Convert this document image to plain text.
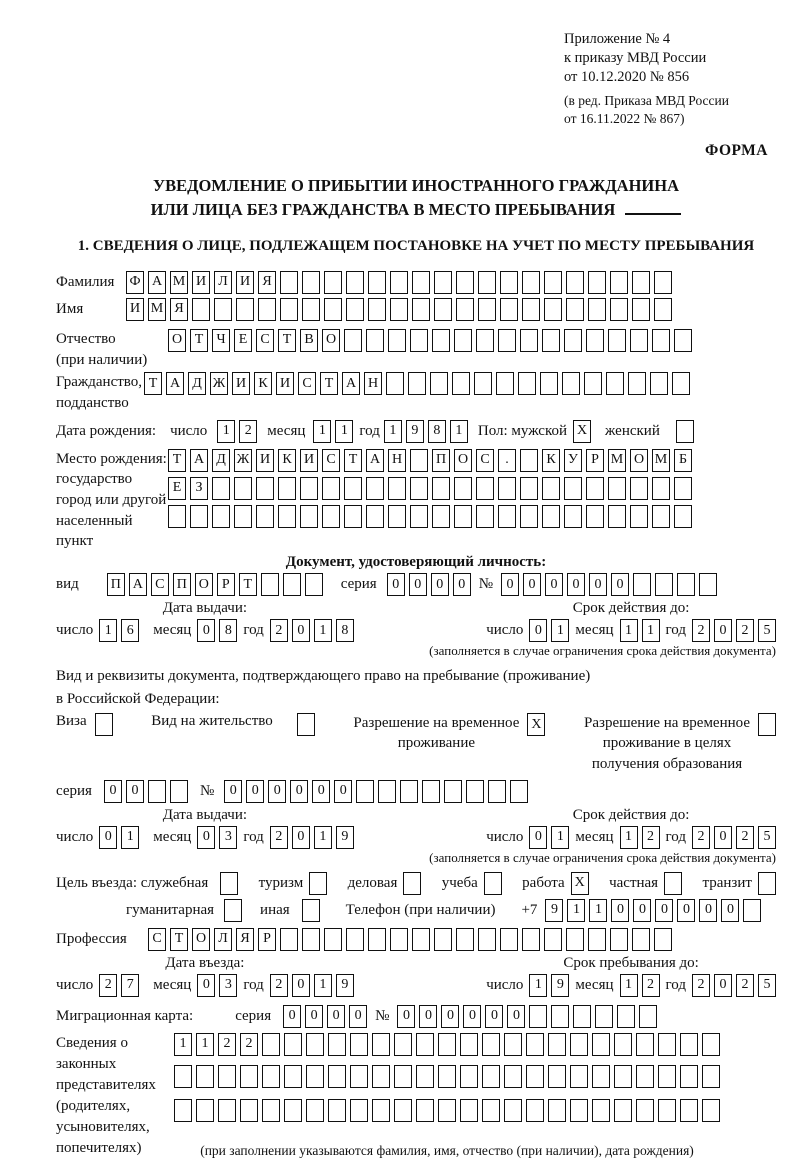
Приложение № 4
к приказу МВД России
от 10.12.2020 № 856
(в ред. Приказа МВД России
от 16.11.2022 № 867)
ФОРМА
УВЕДОМЛЕНИЕ О ПРИБЫТИИ ИНОСТРАННОГО ГРАЖДАНИНА
ИЛИ ЛИЦА БЕЗ ГРАЖДАНСТВА В МЕСТО ПРЕБЫВАНИЯ
1. СВЕДЕНИЯ О ЛИЦЕ, ПОДЛЕЖАЩЕМ ПОСТАНОВКЕ НА УЧЕТ ПО МЕСТУ ПРЕБЫВАНИЯ
Фамилия	Ф А М И Л И Я
Имя	И М Я
Отчество
(при наличии)
О Т Ч Е С Т В О
Гражданство,
подданство
Т А Д Ж И К И С Т А Н
Дата рождения: число	1	2	месяц 1	1 год 1	9	8	1	Пол: мужской X женский
Место рождения:
государство
город или другой
населенный пункт
Т А Д Ж И К И С Т А Н П О С	.	К У Р М О М Б
Е	З
Документ, удостоверяющий личность:
вид П А С П О Р Т	серия	0	0	0	0 № 0	0	0	0	0	0
Дата выдачи:
число 1	6	месяц 0	8 год 2	0	1	8
Срок действия до:
число 0	1 месяц 1	1 год 2	0	2	5
(заполняется в случае ограничения срока действия документа)
Вид и реквизиты документа, подтверждающего право на пребывание (проживание)
в Российской Федерации:
Виза	Вид на жительство	Разрешение на временное
проживание
X	Разрешение на временное
проживание в целях
получения образования
серия	0	0	№	0	0	0	0	0	0
Дата выдачи:
число 0	1	месяц 0	3 год 2	0	1	9
Срок действия до:
число 0	1 месяц 1	2 год 2	0	2	5
(заполняется в случае ограничения срока действия документа)
Цель въезда: служебная	туризм	деловая	учеба	работа X частная	транзит
гуманитарная	иная	Телефон (при наличии) +7 9	1	1	0	0	0	0	0	0
Профессия	С Т О Л Я Р
Дата въезда:
число 2	7	месяц 0	3 год 2	0	1	9
Срок пребывания до:
число 1	9 месяц 1	2 год 2	0	2	5
Миграционная карта:	серия	0	0	0	0 № 0	0	0	0	0	0
Сведения о
законных
представителях
(родителях,
усыновителях,
попечителях)
1	1	2	2
(при заполнении указываются фамилия, имя, отчество (при наличии), дата рождения)
